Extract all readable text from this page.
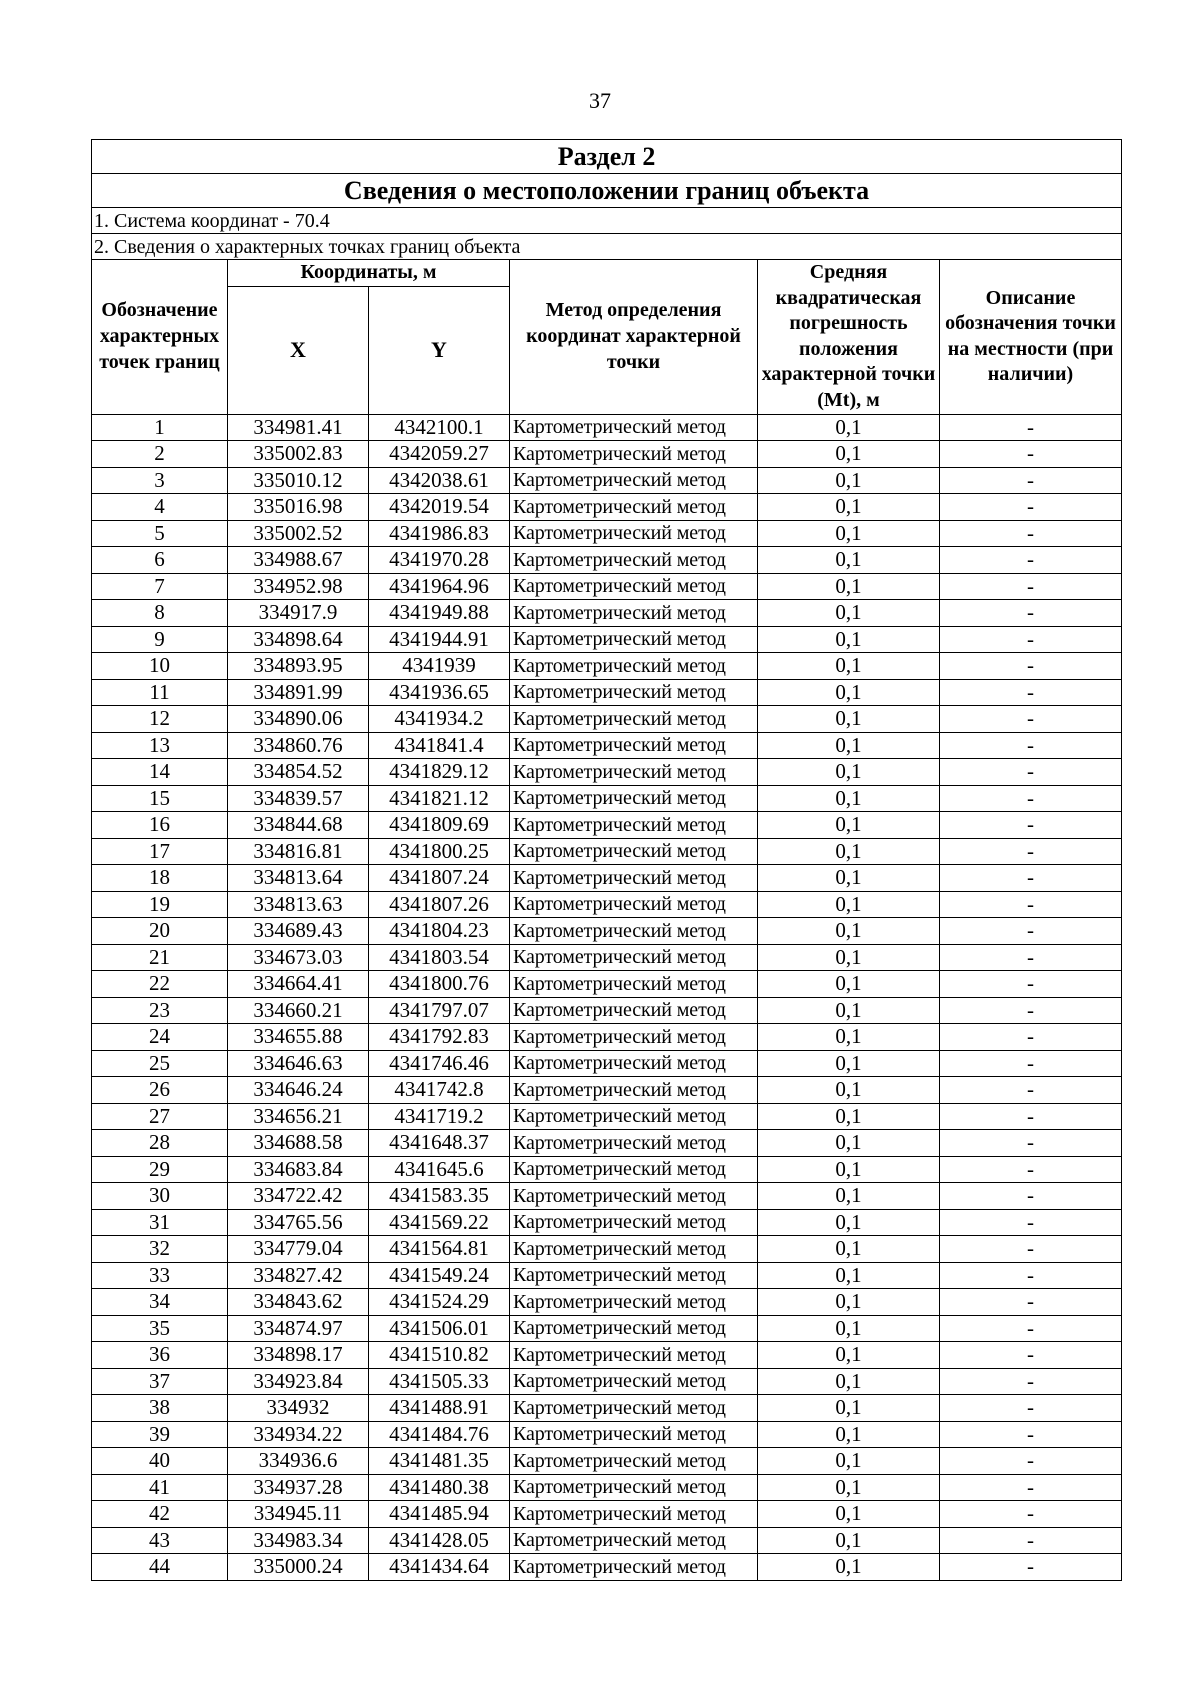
37
Раздел 2					
Сведения о местоположении границ объекта					
1. Система координат - 70.4					
2. Сведения о характерных точках границ объекта					
Обозначение характерных точек границ	Координаты, м		Метод определения координат характерной точки	Средняя квадратическая погрешность положения характерной точки (Mt), м	Описание обозначения точки на местности (при наличии)
	X	Y			
1	334981.41	4342100.1	Картометрический метод	0,1	-
2	335002.83	4342059.27	Картометрический метод	0,1	-
3	335010.12	4342038.61	Картометрический метод	0,1	-
4	335016.98	4342019.54	Картометрический метод	0,1	-
5	335002.52	4341986.83	Картометрический метод	0,1	-
6	334988.67	4341970.28	Картометрический метод	0,1	-
7	334952.98	4341964.96	Картометрический метод	0,1	-
8	334917.9	4341949.88	Картометрический метод	0,1	-
9	334898.64	4341944.91	Картометрический метод	0,1	-
10	334893.95	4341939	Картометрический метод	0,1	-
11	334891.99	4341936.65	Картометрический метод	0,1	-
12	334890.06	4341934.2	Картометрический метод	0,1	-
13	334860.76	4341841.4	Картометрический метод	0,1	-
14	334854.52	4341829.12	Картометрический метод	0,1	-
15	334839.57	4341821.12	Картометрический метод	0,1	-
16	334844.68	4341809.69	Картометрический метод	0,1	-
17	334816.81	4341800.25	Картометрический метод	0,1	-
18	334813.64	4341807.24	Картометрический метод	0,1	-
19	334813.63	4341807.26	Картометрический метод	0,1	-
20	334689.43	4341804.23	Картометрический метод	0,1	-
21	334673.03	4341803.54	Картометрический метод	0,1	-
22	334664.41	4341800.76	Картометрический метод	0,1	-
23	334660.21	4341797.07	Картометрический метод	0,1	-
24	334655.88	4341792.83	Картометрический метод	0,1	-
25	334646.63	4341746.46	Картометрический метод	0,1	-
26	334646.24	4341742.8	Картометрический метод	0,1	-
27	334656.21	4341719.2	Картометрический метод	0,1	-
28	334688.58	4341648.37	Картометрический метод	0,1	-
29	334683.84	4341645.6	Картометрический метод	0,1	-
30	334722.42	4341583.35	Картометрический метод	0,1	-
31	334765.56	4341569.22	Картометрический метод	0,1	-
32	334779.04	4341564.81	Картометрический метод	0,1	-
33	334827.42	4341549.24	Картометрический метод	0,1	-
34	334843.62	4341524.29	Картометрический метод	0,1	-
35	334874.97	4341506.01	Картометрический метод	0,1	-
36	334898.17	4341510.82	Картометрический метод	0,1	-
37	334923.84	4341505.33	Картометрический метод	0,1	-
38	334932	4341488.91	Картометрический метод	0,1	-
39	334934.22	4341484.76	Картометрический метод	0,1	-
40	334936.6	4341481.35	Картометрический метод	0,1	-
41	334937.28	4341480.38	Картометрический метод	0,1	-
42	334945.11	4341485.94	Картометрический метод	0,1	-
43	334983.34	4341428.05	Картометрический метод	0,1	-
44	335000.24	4341434.64	Картометрический метод	0,1	-
